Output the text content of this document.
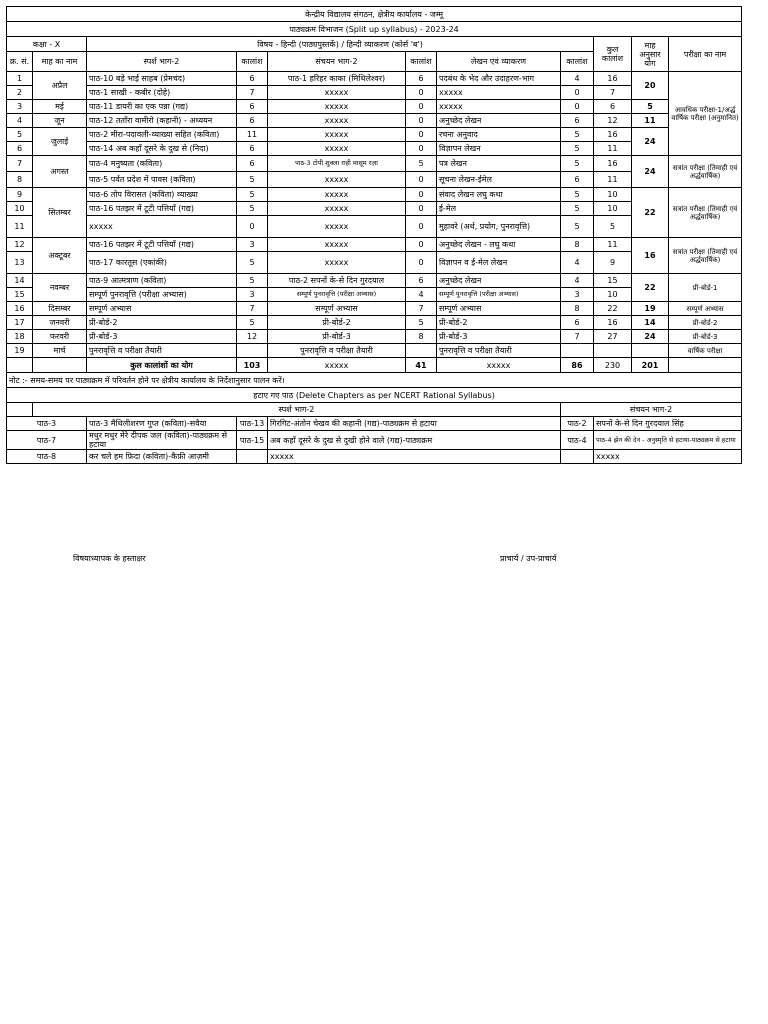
केन्द्रीय विद्यालय संगठन, क्षेत्रीय कार्यालय - जम्मू										
पाठ्यक्रम विभाजन (Split up syllabus) - 2023-24										
कक्षा - X		विषय - हिन्दी (पाठ्यपुस्तकें) / हिन्दी व्याकरण (कोर्स 'ब')						कुल कालांश	माह अनुसार योग	परीक्षा का नाम
क्र. सं.	माह का नाम	स्पर्श भाग-2	कालांश	संचयन भाग-2	कालांश	लेखन एवं व्याकरण	कालांश			
1	अप्रैल	पाठ-10 बड़े भाई साहब (प्रेमचंद)	6	पाठ-1 हरिहर काका (मिथिलेश्वर)	6	पदबंध के भेद और उदाहरण-भाग	4	16	20	आवधिक परीक्षा-1/अर्द्ध वार्षिक परीक्षा (अनुमानित)
2		पाठ-1 साखी - कबीर (दोहे)	7	xxxxx	0	xxxxx	0	7		
3	मई	पाठ-11 डायरी का एक पन्ना (गद्य)	6	xxxxx	0	xxxxx	0	6	5	
4	जून	पाठ-12 तताँरा वामीरो (कहानी) - अध्ययन	6	xxxxx	0	अनुच्छेद लेखन	6	12	11	
5	जुलाई	पाठ-2 मीरा-पदावली-व्याख्या सहित (कविता)	11	xxxxx	0	रचना अनुवाद	5	16	24	
6		पाठ-14 अब कहाँ दूसरे के दुख से (निदा)	6	xxxxx	0	विज्ञापन लेखन	5	11		
7	अगस्त	पाठ-4 मनुष्यता (कविता)	6	पाठ-3 टोपी शुक्ला राही मासूम रज़ा	5	पत्र लेखन	5	16	24	सत्रांत परीक्षा (तिमाही एवं अर्द्धवार्षिक)
8		पाठ-5 पर्वत प्रदेश में पावस (कविता)	5	xxxxx	0	सूचना लेखन-ईमेल	6	11		
9	सितम्बर	पाठ-6 तोप विरासत (कविता) व्याख्या	5	xxxxx	0	संवाद लेखन लघु कथा	5	10	22	सत्रांत परीक्षा (तिमाही एवं अर्द्धवार्षिक)
10		पाठ-16 पतझर में टूटी पत्तियाँ (गद्य)	5	xxxxx	0	ई-मेल	5	10		
11		xxxxx	0	xxxxx	0	मुहावरे (अर्थ, प्रयोग, पुनरावृत्ति)	5	5		
12	अक्टूबर	पाठ-16 पतझर में टूटी पत्तियाँ (गद्य)	3	xxxxx	0	अनुच्छेद लेखन - लघु कथा	8	11	16	सत्रांत परीक्षा (तिमाही एवं अर्द्धवार्षिक)
13		पाठ-17 कारतूस (एकांकी)	5	xxxxx	0	विज्ञापन व ई-मेल लेखन	4	9		
14	नवम्बर	पाठ-9 आत्मत्राण (कविता)	5	पाठ-2 सपनों के-से दिन गुरदयाल	6	अनुच्छेद लेखन	4	15	22	प्री-बोर्ड-1
15		सम्पूर्ण पुनरावृत्ति (परीक्षा अभ्यास)	3	सम्पूर्ण पुनरावृत्ति (परीक्षा अभ्यास)	4	सम्पूर्ण पुनरावृत्ति (परीक्षा अभ्यास)	3	10		
16	दिसम्बर	सम्पूर्ण अभ्यास	7	सम्पूर्ण अभ्यास	7	सम्पूर्ण अभ्यास	8	22	19	सम्पूर्ण अभ्यास
17	जनवरी	प्री-बोर्ड-2	5	प्री-बोर्ड-2	5	प्री-बोर्ड-2	6	16	14	प्री-बोर्ड-2
18	फरवरी	प्री-बोर्ड-3	12	प्री-बोर्ड-3	8	प्री-बोर्ड-3	7	27	24	प्री-बोर्ड-3
19	मार्च	पुनरावृत्ति व परीक्षा तैयारी		पुनरावृत्ति व परीक्षा तैयारी		पुनरावृत्ति व परीक्षा तैयारी				वार्षिक परीक्षा
		कुल कालांशों का योग	103	xxxxx	41	xxxxx	86	230	201	
नोट :- समय-समय पर पाठ्यक्रम में परिवर्तन होने पर क्षेत्रीय कार्यालय के निर्देशानुसार पालन करें।										
हटाए गए पाठ (Delete Chapters as per NCERT Rational Syllabus)										
	स्पर्श भाग-2						संचयन भाग-2			
पाठ-3		पाठ-3 मैथिलीशरण गुप्त (कविता)-सवैया	पाठ-13	गिरगिट-अंतोन चेखव की कहानी (गद्य)-पाठ्यक्रम से हटाया			पाठ-2	सपनों के-से दिन गुरदयाल सिंह		
पाठ-7		मधुर मधुर मेरे दीपक जल (कविता)-पाठ्यक्रम से हटाया	पाठ-15	अब कहाँ दूसरे के दुख से दुखी होने वाले (गद्य)-पाठ्यक्रम			पाठ-4	पाठ-4 झेन की देन - अनुस्मृति से हटाया-पाठ्यक्रम से हटाया		
पाठ-8		कर चले हम फ़िदा (कविता)-कैफ़ी आज़मी		xxxxx				xxxxx		
विषयाध्यापक के हस्ताक्षर	प्राचार्य / उप-प्राचार्य
